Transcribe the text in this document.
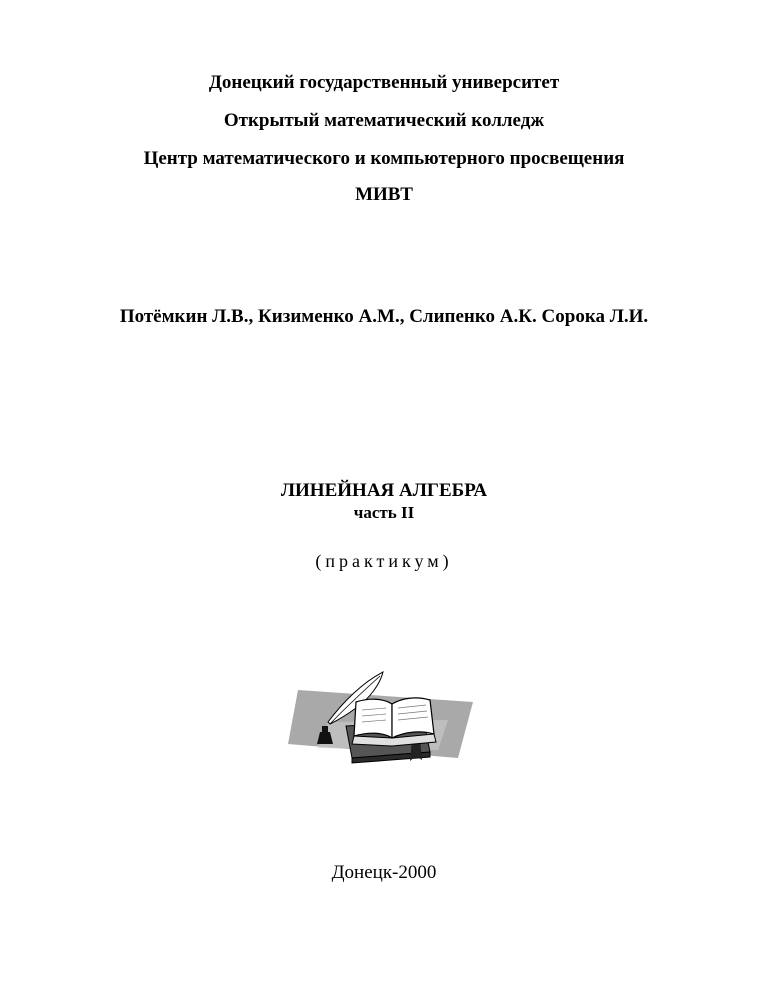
Донецкий государственный университет
Открытый математический колледж
Центр математического и компьютерного просвещения
МИВТ
Потёмкин Л.В., Кизименко А.М., Слипенко А.К. Сорока Л.И.
ЛИНЕЙНАЯ АЛГЕБРА
часть II
(практикум)
Донецк-2000
